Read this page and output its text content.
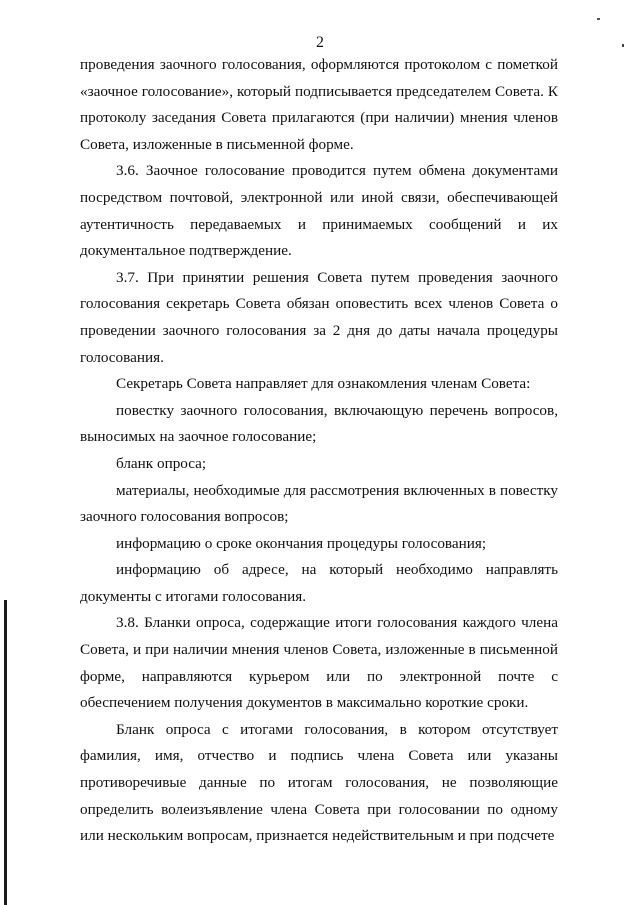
2

проведения заочного голосования, оформляются протоколом с пометкой «заочное голосование», который подписывается председателем Совета. К протоколу заседания Совета прилагаются (при наличии) мнения членов Совета, изложенные в письменной форме.

3.6. Заочное голосование проводится путем обмена документами посредством почтовой, электронной или иной связи, обеспечивающей аутентичность передаваемых и принимаемых сообщений и их документальное подтверждение.

3.7. При принятии решения Совета путем проведения заочного голосования секретарь Совета обязан оповестить всех членов Совета о проведении заочного голосования за 2 дня до даты начала процедуры голосования.

Секретарь Совета направляет для ознакомления членам Совета:

повестку заочного голосования, включающую перечень вопросов, выносимых на заочное голосование;

бланк опроса;

материалы, необходимые для рассмотрения включенных в повестку заочного голосования вопросов;

информацию о сроке окончания процедуры голосования;

информацию об адресе, на который необходимо направлять документы с итогами голосования.

3.8. Бланки опроса, содержащие итоги голосования каждого члена Совета, и при наличии мнения членов Совета, изложенные в письменной форме, направляются курьером или по электронной почте с обеспечением получения документов в максимально короткие сроки.

Бланк опроса с итогами голосования, в котором отсутствует фамилия, имя, отчество и подпись члена Совета или указаны противоречивые данные по итогам голосования, не позволяющие определить волеизъявление члена Совета при голосовании по одному или нескольким вопросам, признается недействительным и при подсчете
